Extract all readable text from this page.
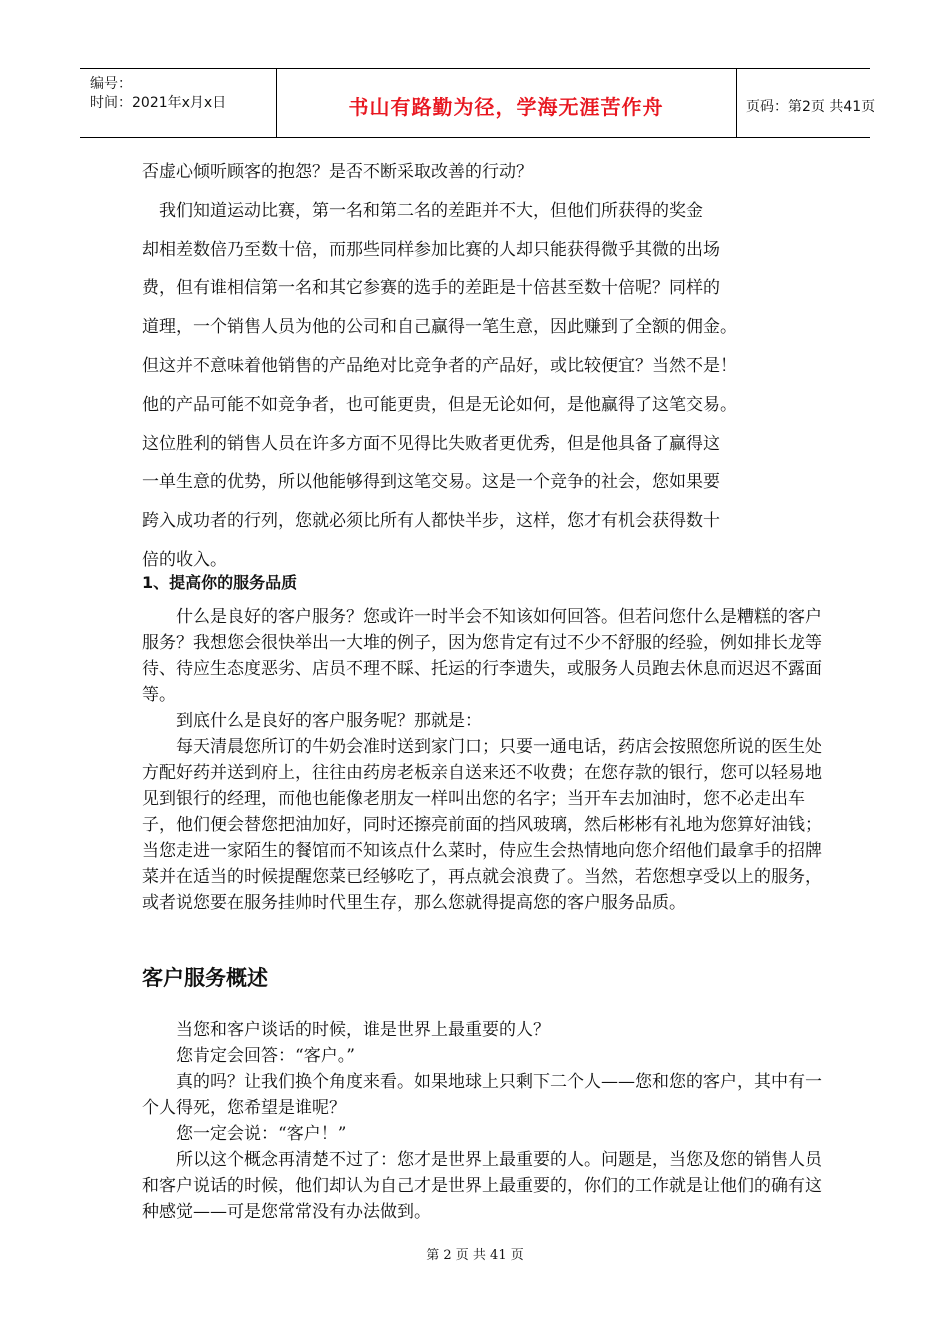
编号：
时间：2021年x月x日	书山有路勤为径，学海无涯苦作舟	页码：第2页 共41页
否虚心倾听顾客的抱怨？是否不断采取改善的行动？
　我们知道运动比赛，第一名和第二名的差距并不大，但他们所获得的奖金
却相差数倍乃至数十倍，而那些同样参加比赛的人却只能获得微乎其微的出场
费，但有谁相信第一名和其它参赛的选手的差距是十倍甚至数十倍呢？同样的
道理，一个销售人员为他的公司和自己赢得一笔生意，因此赚到了全额的佣金。
但这并不意味着他销售的产品绝对比竞争者的产品好，或比较便宜？当然不是！
他的产品可能不如竞争者，也可能更贵，但是无论如何，是他赢得了这笔交易。
这位胜利的销售人员在许多方面不见得比失败者更优秀，但是他具备了赢得这
一单生意的优势，所以他能够得到这笔交易。这是一个竞争的社会，您如果要
跨入成功者的行列，您就必须比所有人都快半步，这样，您才有机会获得数十
倍的收入。
1、提高你的服务品质

什么是良好的客户服务？您或许一时半会不知该如何回答。但若问您什么是糟糕的客户服务？我想您会很快举出一大堆的例子，因为您肯定有过不少不舒服的经验，例如排长龙等待、待应生态度恶劣、店员不理不睬、托运的行李遗失，或服务人员跑去休息而迟迟不露面等。

到底什么是良好的客户服务呢？那就是：

每天清晨您所订的牛奶会准时送到家门口；只要一通电话，药店会按照您所说的医生处方配好药并送到府上，往往由药房老板亲自送来还不收费；在您存款的银行，您可以轻易地见到银行的经理，而他也能像老朋友一样叫出您的名字；当开车去加油时，您不必走出车子，他们便会替您把油加好，同时还擦亮前面的挡风玻璃，然后彬彬有礼地为您算好油钱；当您走进一家陌生的餐馆而不知该点什么菜时，侍应生会热情地向您介绍他们最拿手的招牌菜并在适当的时候提醒您菜已经够吃了，再点就会浪费了。当然，若您想享受以上的服务，或者说您要在服务挂帅时代里生存，那么您就得提高您的客户服务品质。

客户服务概述

当您和客户谈话的时候，谁是世界上最重要的人？

您肯定会回答：“客户。”

真的吗？让我们换个角度来看。如果地球上只剩下二个人——您和您的客户，其中有一个人得死，您希望是谁呢？

您一定会说：“客户！”

所以这个概念再清楚不过了：您才是世界上最重要的人。问题是，当您及您的销售人员和客户说话的时候，他们却认为自己才是世界上最重要的，你们的工作就是让他们的确有这种感觉——可是您常常没有办法做到。

第 2 页 共 41 页
